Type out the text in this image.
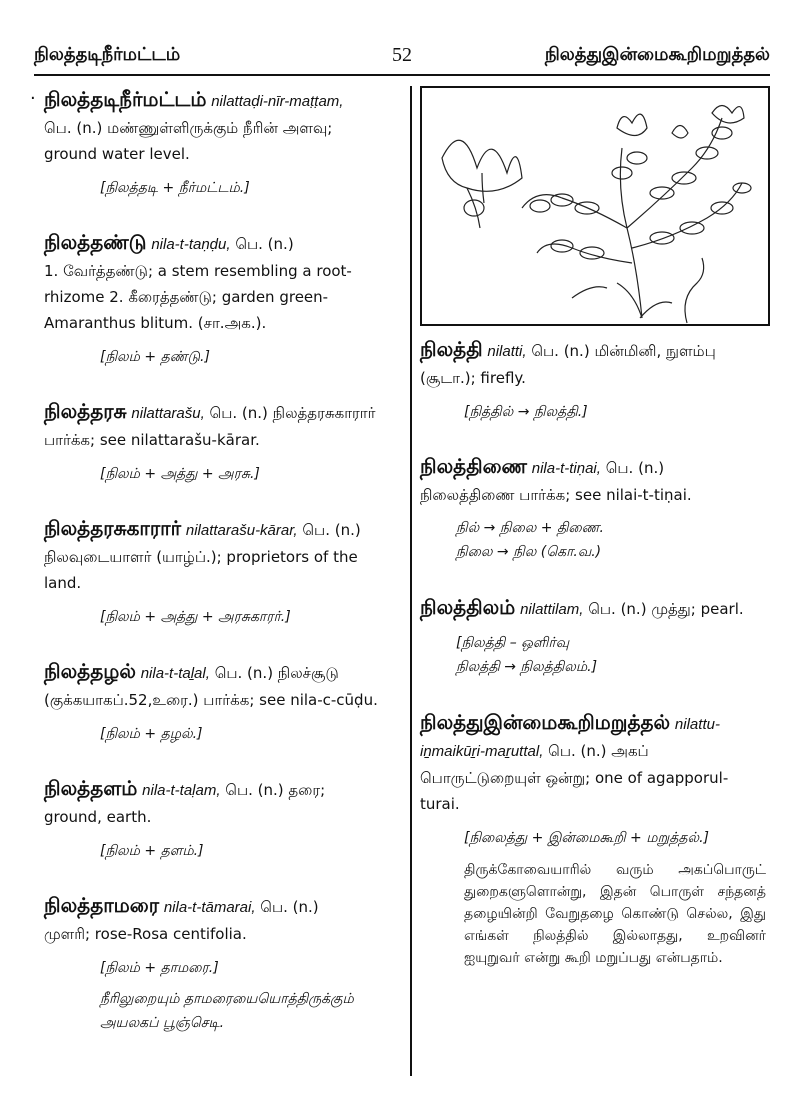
நிலத்தடிநீர்மட்டம்	52	நிலத்துஇன்மைகூறிமறுத்தல்
· நிலத்தடிநீர்மட்டம் nilattaḍi-nīr-maṭṭam,
பெ. (n.) மண்ணுள்ளிருக்கும் நீரின் அளவு;
ground water level.
[நிலத்தடி + நீர்மட்டம்.]
நிலத்தண்டு nila-t-taṇḍu, பெ. (n.)
1. வேர்த்தண்டு; a stem resembling a root-
rhizome 2. கீரைத்தண்டு; garden green-
Amaranthus blitum. (சா.அக.).
[நிலம் + தண்டு.]
நிலத்தரசு nilattarašu, பெ. (n.) நிலத்தரசுகாரார்
பார்க்க; see nilattarašu-kārar.
[நிலம் + அத்து + அரசு.]
நிலத்தரசுகாரார் nilattarašu-kārar, பெ. (n.)
நிலவுடையாளர் (யாழ்ப்.); proprietors of the
land.
[நிலம் + அத்து + அரசுகாரர்.]
நிலத்தழல் nila-t-taḻal, பெ. (n.) நிலச்சூடு
(குக்கயாகப்.52,உரை.) பார்க்க; see nila-c-cūḍu.
[நிலம் + தழல்.]
நிலத்தளம் nila-t-taḷam, பெ. (n.) தரை;
ground, earth.
[நிலம் + தளம்.]
நிலத்தாமரை nila-t-tāmarai, பெ. (n.)
முளரி; rose-Rosa centifolia.
[நிலம் + தாமரை.]
நீரிலுறையும் தாமரையையொத்திருக்கும்
அயலகப் பூஞ்செடி.
நிலத்தி nilatti, பெ. (n.) மின்மினி, நுளம்பு
(சூடா.); firefly.
[நித்தில் → நிலத்தி.]
நிலத்திணை nila-t-tiṇai, பெ. (n.)
நிலைத்திணை பார்க்க; see nilai-t-tiṇai.
நில் → நிலை + திணை.
நிலை → நில (கொ.வ.)
நிலத்திலம் nilattilam, பெ. (n.) முத்து; pearl.
[நிலத்தி – ஒளிர்வு
நிலத்தி → நிலத்திலம்.]
நிலத்துஇன்மைகூறிமறுத்தல் nilattu-
iṉmaikūṟi-maṟuttal, பெ. (n.) அகப்
பொருட்டுறையுள் ஒன்று; one of agapporul-
turai.
[நிலைத்து + இன்மைகூறி + மறுத்தல்.]
திருக்கோவையாரில் வரும் அகப்பொருட் துறைகளுளொன்று, இதன் பொருள் சந்தனத் தழையின்றி வேறுதழை கொண்டு செல்ல, இது எங்கள் நிலத்தில் இல்லாதது, உறவினர் ஐயுறுவர் என்று கூறி மறுப்பது என்பதாம்.
